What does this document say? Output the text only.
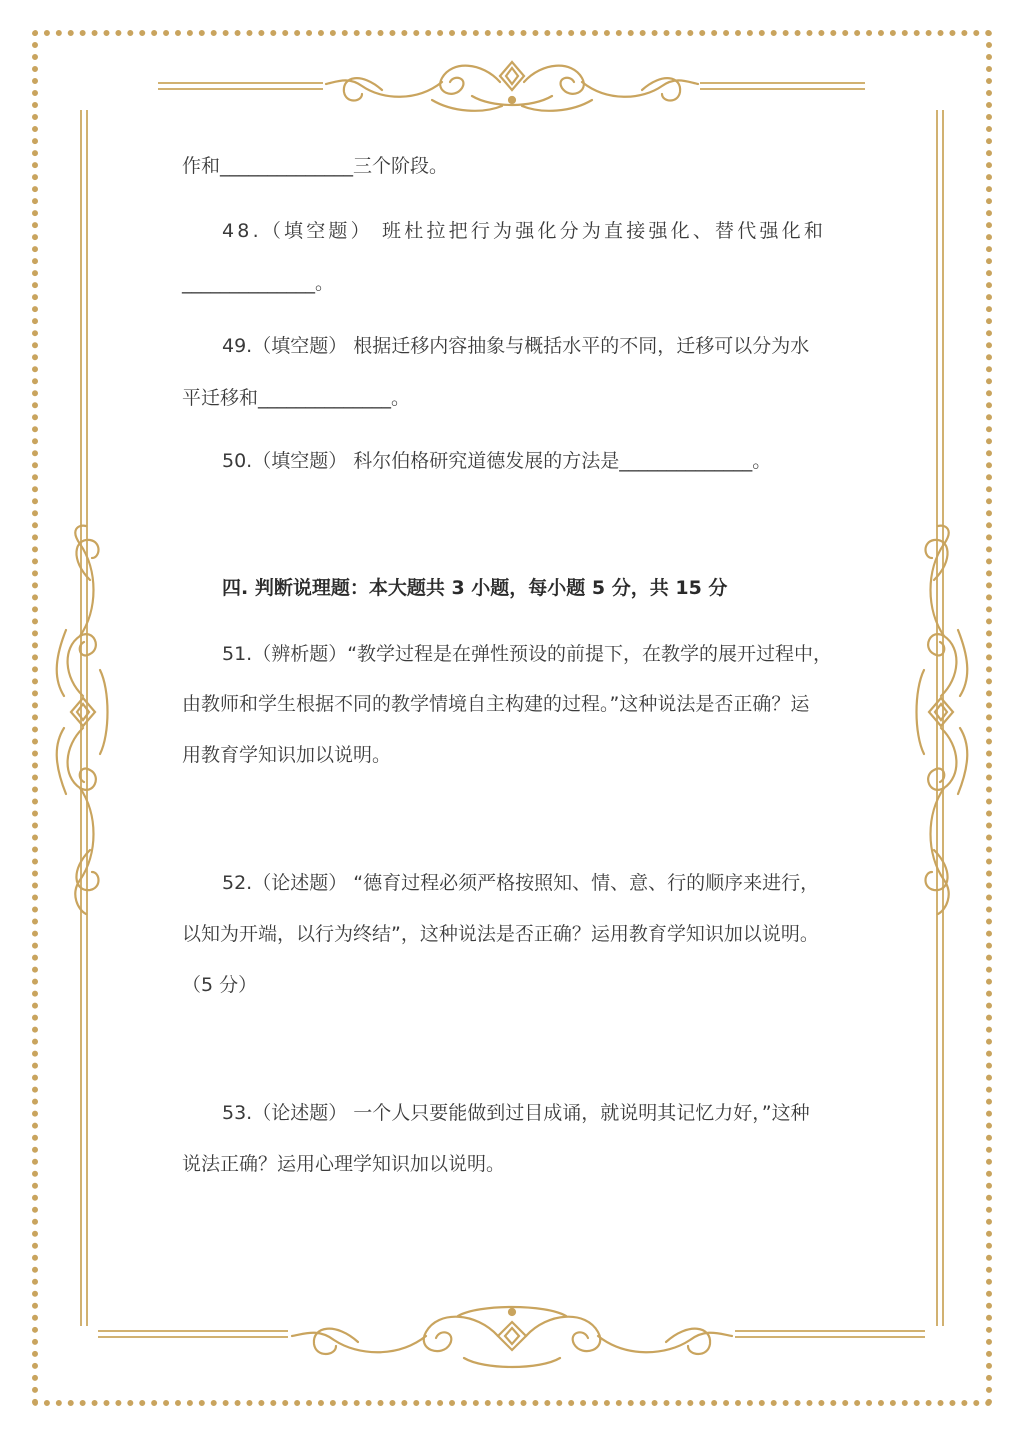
作和______________三个阶段。
48.（填空题） 班杜拉把行为强化分为直接强化、替代强化和
______________。
49.（填空题） 根据迁移内容抽象与概括水平的不同，迁移可以分为水
平迁移和______________。
50.（填空题） 科尔伯格研究道德发展的方法是______________。
四. 判断说理题：本大题共 3 小题，每小题 5 分，共 15 分
51.（辨析题）“教学过程是在弹性预设的前提下，在教学的展开过程中，
由教师和学生根据不同的教学情境自主构建的过程。”这种说法是否正确？运
用教育学知识加以说明。
52.（论述题） “德育过程必须严格按照知、情、意、行的顺序来进行，
以知为开端，以行为终结”，这种说法是否正确？运用教育学知识加以说明。
（5 分）
53.（论述题） 一个人只要能做到过目成诵，就说明其记忆力好，”这种
说法正确？运用心理学知识加以说明。
